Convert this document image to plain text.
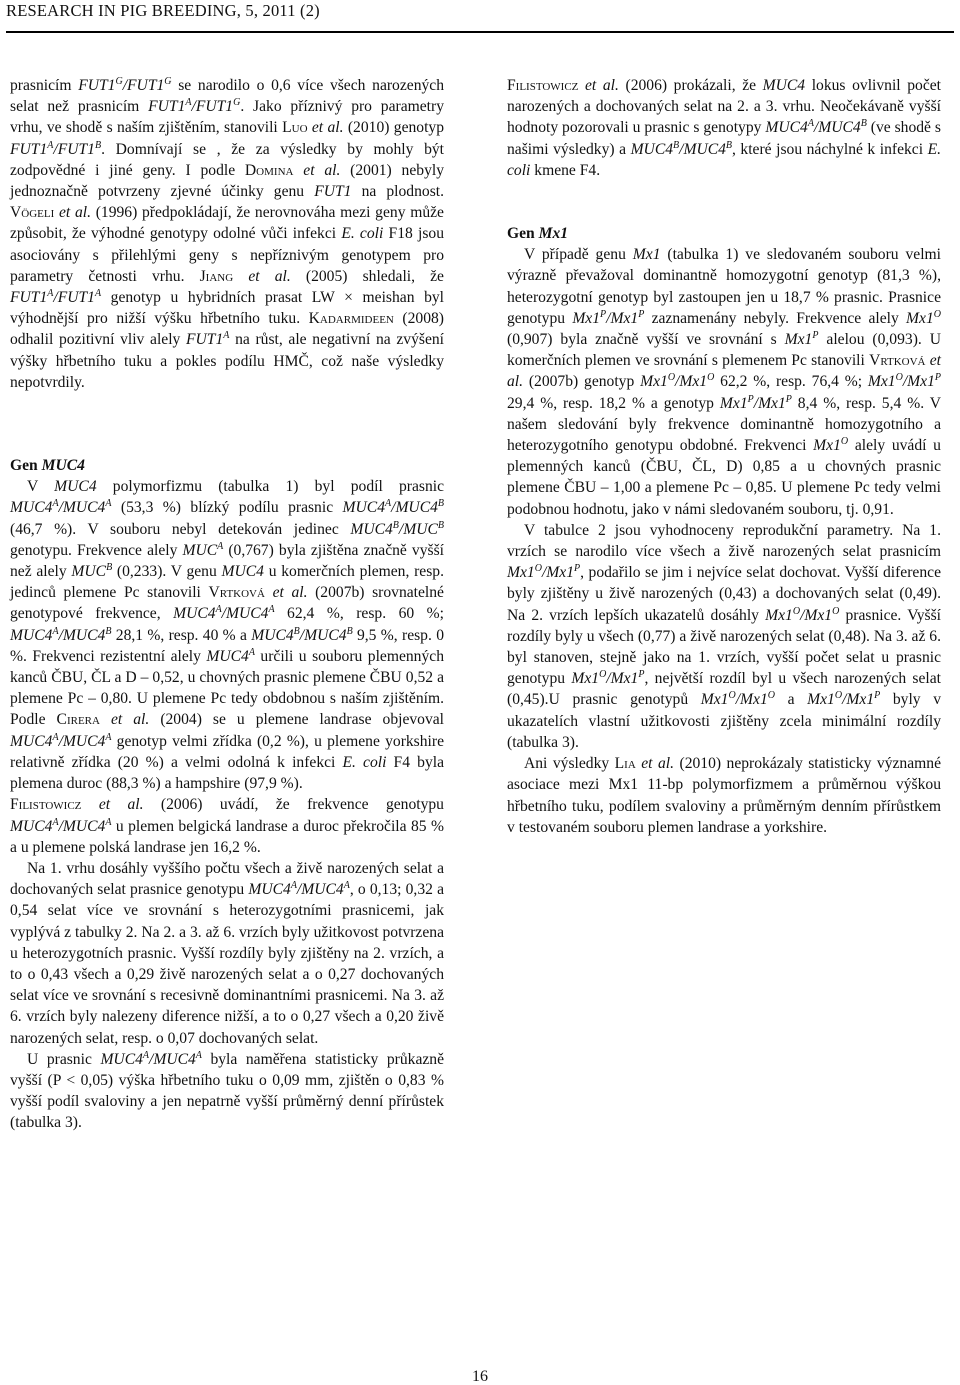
RESEARCH IN PIG BREEDING, 5, 2011 (2)

prasnicím $FUT1^G/FUT1^G$ se narodilo o 0,6 více všech narozených selat než prasnicím $FUT1^A/FUT1^G$. Jako příznivý pro parametry vrhu, ve shodě s naším zjištěním, stanovili Luo et al. (2010) genotyp $FUT1^A/FUT1^B$. Domnívají se , že za výsledky by mohly být zodpovědné i jiné geny. I podle Domina et al. (2001) nebyly jednoznačně potvrzeny zjevné účinky genu FUT1 na plodnost. Vögeli et al. (1996) předpokládají, že nerovnováha mezi geny může způsobit, že výhodné genotypy odolné vůči infekci E. coli F18 jsou asociovány s přilehlými geny s nepříznivým genotypem pro parametry četnosti vrhu. Jiang et al. (2005) shledali, že $FUT1^A/FUT1^A$ genotyp u hybridních prasat LW × meishan byl výhodnější pro nižší výšku hřbetního tuku. Kadarmideen (2008) odhalil pozitivní vliv alely $FUT1^A$ na růst, ale negativní na zvýšení výšky hřbetního tuku a pokles podílu HMČ, což naše výsledky nepotvrdily.

Gen MUC4

V MUC4 polymorfizmu (tabulka 1) byl podíl prasnic $MUC4^A/MUC4^A$ (53,3 %) blízký podílu prasnic $MUC4^A/MUC4^B$ (46,7 %). V souboru nebyl detekován jedinec $MUC4^B/MUC^B$ genotypu. Frekvence alely $MUC^A$ (0,767) byla zjištěna značně vyšší než alely $MUC^B$ (0,233). V genu MUC4 u komerčních plemen, resp. jedinců plemene Pc stanovili Vrtková et al. (2007b) srovnatelné genotypové frekvence, $MUC4^A/MUC4^A$ 62,4 %, resp. 60 %; $MUC4^A/MUC4^B$ 28,1 %, resp. 40 % a $MUC4^B/MUC4^B$ 9,5 %, resp. 0 %. Frekvenci rezistentní alely $MUC4^A$ určili u souboru plemenných kanců ČBU, ČL a D – 0,52, u chovných prasnic plemene ČBU 0,52 a plemene Pc – 0,80. U plemene Pc tedy obdobnou s naším zjištěním. Podle Cirera et al. (2004) se u plemene landrase objevoval $MUC4^A/MUC4^A$ genotyp velmi zřídka (0,2 %), u plemene yorkshire relativně zřídka (20 %) a velmi odolná k infekci E. coli F4 byla plemena duroc (88,3 %) a hampshire (97,9 %).

Filistowicz et al. (2006) uvádí, že frekvence genotypu $MUC4^A/MUC4^A$ u plemen belgická landrase a duroc překročila 85 % a u plemene polská landrase jen 16,2 %.

Na 1. vrhu dosáhly vyššího počtu všech a živě narozených selat a dochovaných selat prasnice genotypu $MUC4^A/MUC4^A$, o 0,13; 0,32 a 0,54 selat více ve srovnání s heterozygotními prasnicemi, jak vyplývá z tabulky 2. Na 2. a 3. až 6. vrzích byly užitkovost potvrzena u heterozygotních prasnic. Vyšší rozdíly byly zjištěny na 2. vrzích, a to o 0,43 všech a 0,29 živě narozených selat a o 0,27 dochovaných selat více ve srovnání s recesivně dominantními prasnicemi. Na 3. až 6. vrzích byly nalezeny diference nižší, a to o 0,27 všech a 0,20 živě narozených selat, resp. o 0,07 dochovaných selat.

U prasnic $MUC4^A/MUC4^A$ byla naměřena statisticky průkazně vyšší (P < 0,05) výška hřbetního tuku o 0,09 mm, zjištěn o 0,83 % vyšší podíl svaloviny a jen nepatrně vyšší průměrný denní přírůstek (tabulka 3).

Filistowicz et al. (2006) prokázali, že MUC4 lokus ovlivnil počet narozených a dochovaných selat na 2. a 3. vrhu. Neočekávaně vyšší hodnoty pozorovali u prasnic s genotypy $MUC4^A/MUC4^B$ (ve shodě s našimi výsledky) a $MUC4^B/MUC4^B$, které jsou náchylné k infekci E. coli kmene F4.

Gen Mx1

V případě genu Mx1 (tabulka 1) ve sledovaném souboru velmi výrazně převažoval dominantně homozygotní genotyp (81,3 %), heterozygotní genotyp byl zastoupen jen u 18,7 % prasnic. Prasnice genotypu $Mx1^P/Mx1^P$ zaznamenány nebyly. Frekvence alely $Mx1^O$ (0,907) byla značně vyšší ve srovnání s $Mx1^P$ alelou (0,093). U komerčních plemen ve srovnání s plemenem Pc stanovili Vrtková et al. (2007b) genotyp $Mx1^O/Mx1^O$ 62,2 %, resp. 76,4 %; $Mx1^O/Mx1^P$ 29,4 %, resp. 18,2 % a genotyp $Mx1^P/Mx1^P$ 8,4 %, resp. 5,4 %. V našem sledování byly frekvence dominantně homozygotního a heterozygotního genotypu obdobné. Frekvenci $Mx1^O$ alely uvádí u plemenných kanců (ČBU, ČL, D) 0,85 a u chovných prasnic plemene ČBU – 1,00 a plemene Pc – 0,85. U plemene Pc tedy velmi podobnou hodnotu, jako v námi sledovaném souboru, tj. 0,91.

V tabulce 2 jsou vyhodnoceny reprodukční parametry. Na 1. vrzích se narodilo více všech a živě narozených selat prasnicím $Mx1^O/Mx1^P$, podařilo se jim i nejvíce selat dochovat. Vyšší diference byly zjištěny u živě narozených (0,43) a dochovaných selat (0,49). Na 2. vrzích lepších ukazatelů dosáhly $Mx1^O/Mx1^O$ prasnice. Vyšší rozdíly byly u všech (0,77) a živě narozených selat (0,48). Na 3. až 6. byl stanoven, stejně jako na 1. vrzích, vyšší počet selat u prasnic genotypu $Mx1^O/Mx1^P$, největší rozdíl byl u všech narozených selat (0,45).U prasnic genotypů $Mx1^O/Mx1^O$ a $Mx1^O/Mx1^P$ byly v ukazatelích vlastní užitkovosti zjištěny zcela minimální rozdíly (tabulka 3).

Ani výsledky Lia et al. (2010) neprokázaly statisticky významné asociace mezi Mx1 11-bp polymorfizmem a průměrnou výškou hřbetního tuku, podílem svaloviny a průměrným denním přírůstkem v testovaném souboru plemen landrase a yorkshire.

16
